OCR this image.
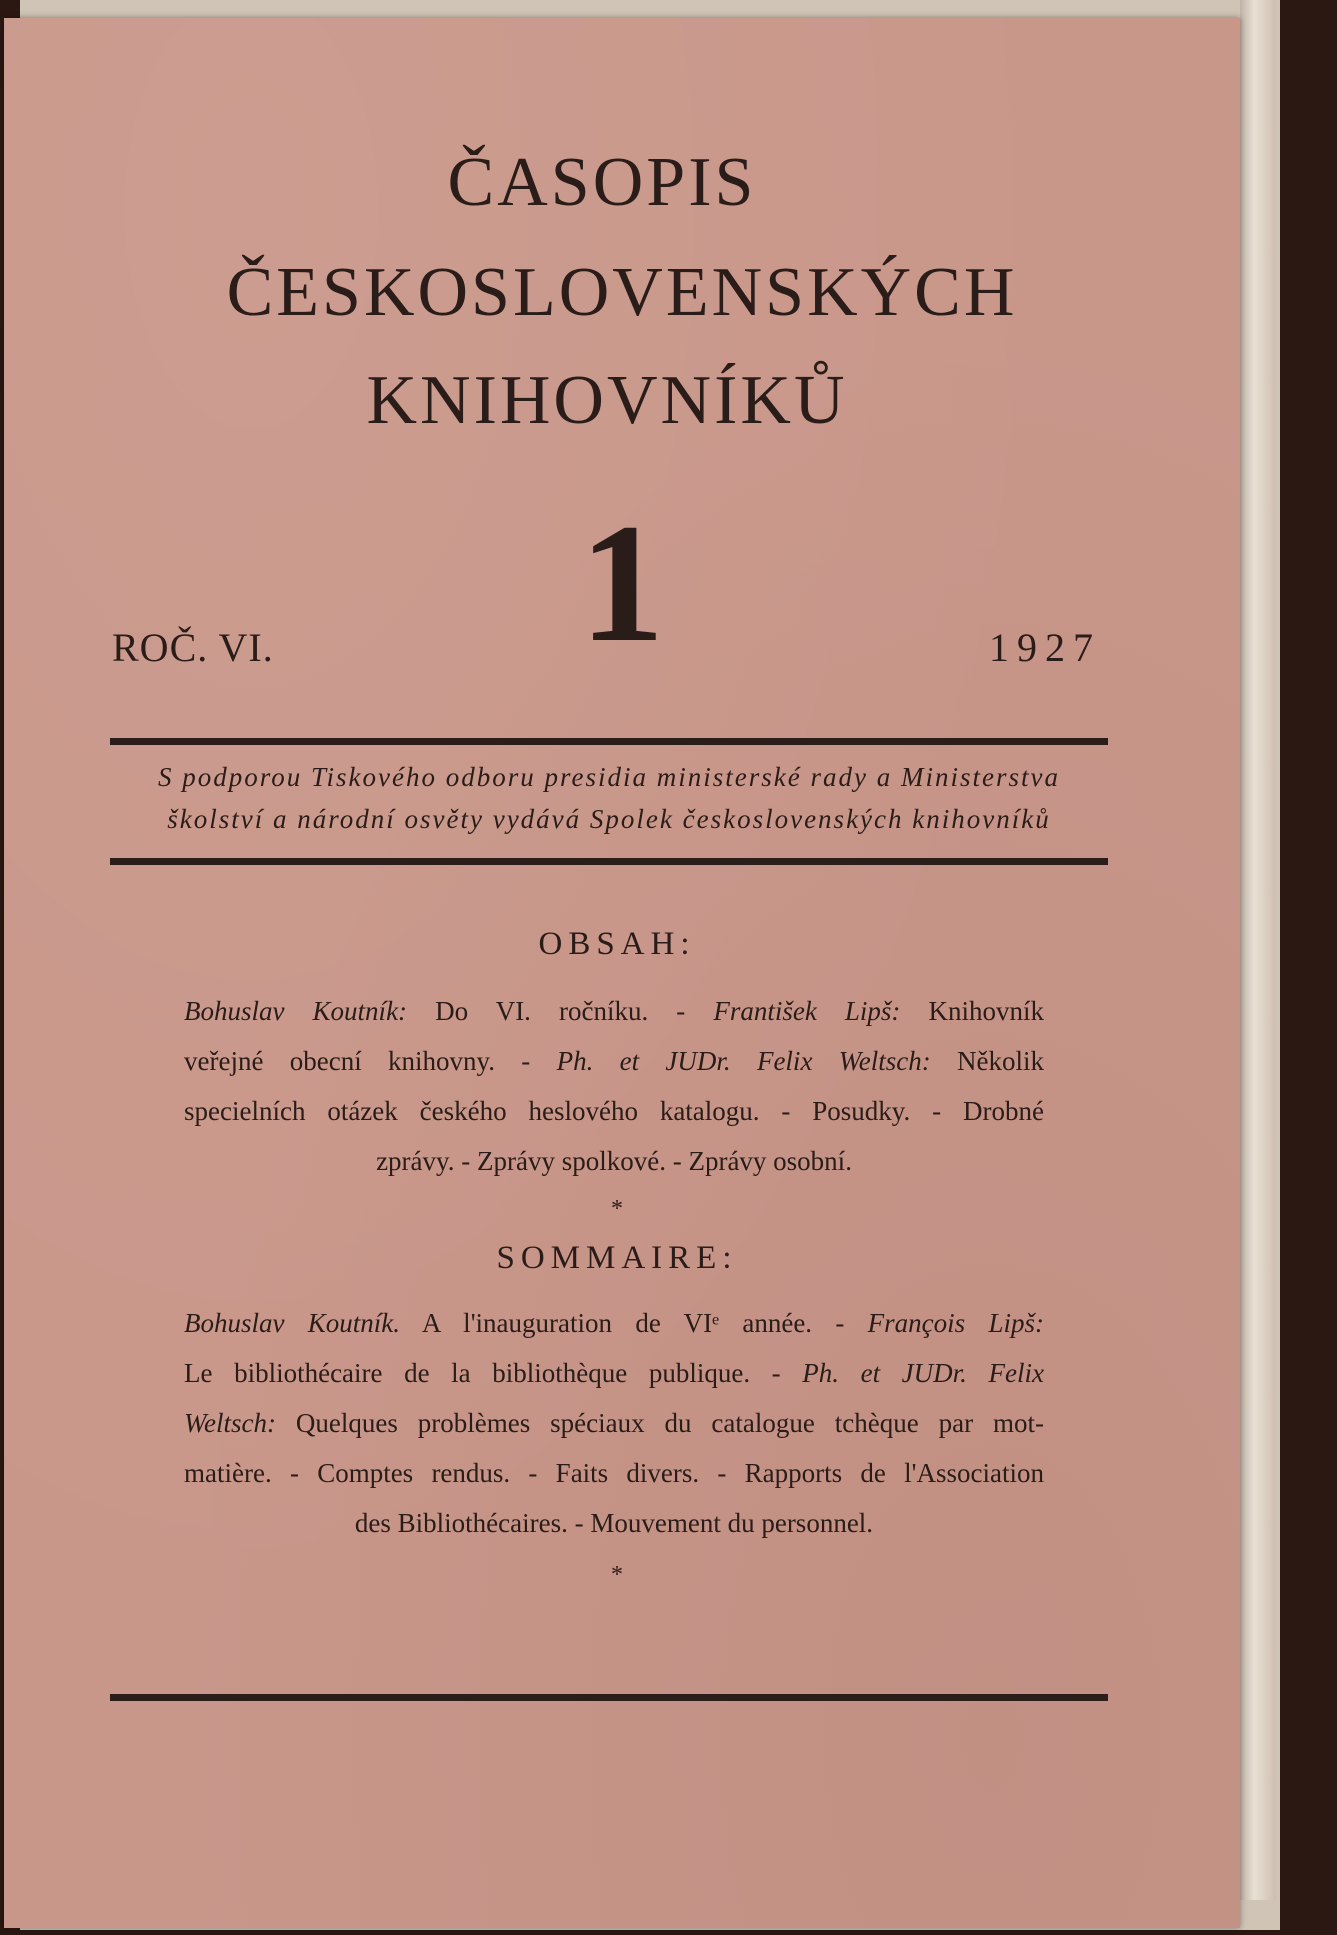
ČASOPIS
ČESKOSLOVENSKÝCH
KNIHOVNÍKŮ
1
ROČ. VI.	1927
S podporou Tiskového odboru presidia ministerské rady a Ministerstva
školství a národní osvěty vydává Spolek československých knihovníků
OBSAH:
Bohuslav Koutník: Do VI. ročníku. - František Lipš: Knihovník
veřejné obecní knihovny. - Ph. et JUDr. Felix Weltsch: Několik
specielních otázek českého heslového katalogu. - Posudky. - Drobné
zprávy. - Zprávy spolkové. - Zprávy osobní.
*
SOMMAIRE:
Bohuslav Koutník. A l'inauguration de VIᵉ année. - François Lipš:
Le bibliothécaire de la bibliothèque publique. - Ph. et JUDr. Felix
Weltsch: Quelques problèmes spéciaux du catalogue tchèque par mot-
matière. - Comptes rendus. - Faits divers. - Rapports de l'Association
des Bibliothécaires. - Mouvement du personnel.
*
